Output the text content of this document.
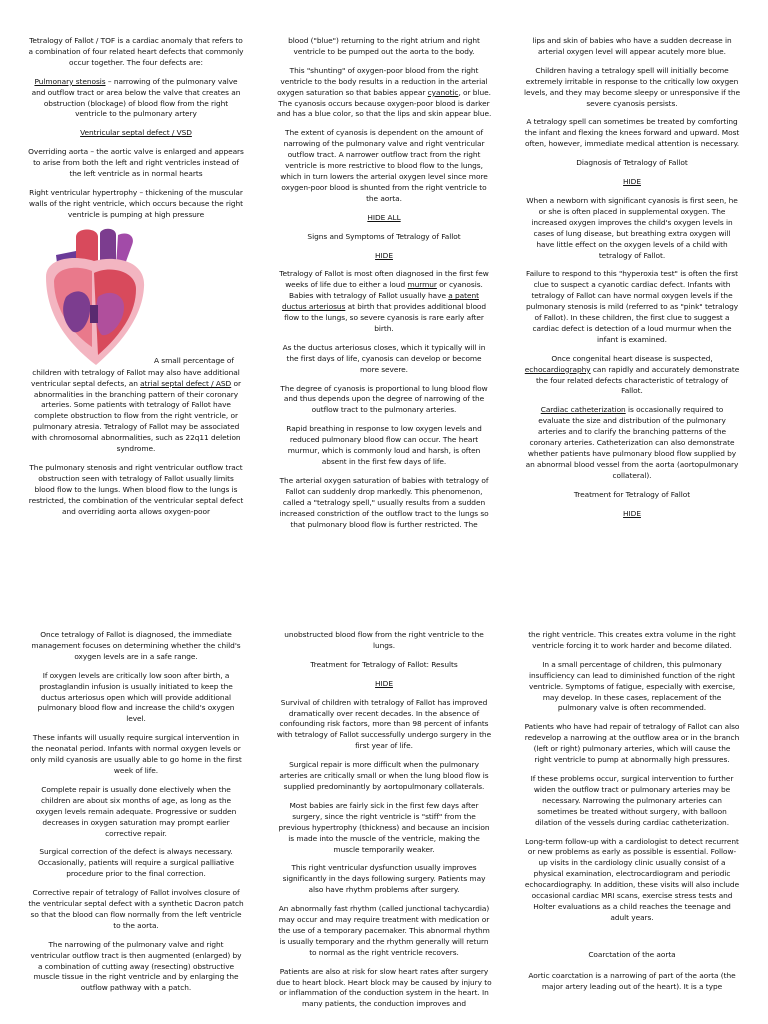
Tetralogy of Fallot / TOF is a cardiac anomaly that refers to a combination of four related heart defects that commonly occur together. The four defects are:

Pulmonary stenosis – narrowing of the pulmonary valve and outflow tract or area below the valve that creates an obstruction (blockage) of blood flow from the right ventricle to the pulmonary artery

Ventricular septal defect / VSD

Overriding aorta – the aortic valve is enlarged and appears to arise from both the left and right ventricles instead of the left ventricle as in normal hearts

Right ventricular hypertrophy – thickening of the muscular walls of the right ventricle, which occurs because the right ventricle is pumping at high pressure

A small percentage of

children with tetralogy of Fallot may also have additional ventricular septal defects, an atrial septal defect / ASD or abnormalities in the branching pattern of their coronary arteries. Some patients with tetralogy of Fallot have complete obstruction to flow from the right ventricle, or pulmonary atresia. Tetralogy of Fallot may be associated with chromosomal abnormalities, such as 22q11 deletion syndrome.

The pulmonary stenosis and right ventricular outflow tract obstruction seen with tetralogy of Fallot usually limits blood flow to the lungs. When blood flow to the lungs is restricted, the combination of the ventricular septal defect and overriding aorta allows oxygen-poor

blood ("blue") returning to the right atrium and right ventricle to be pumped out the aorta to the body.

This "shunting" of oxygen-poor blood from the right ventricle to the body results in a reduction in the arterial oxygen saturation so that babies appear cyanotic, or blue. The cyanosis occurs because oxygen-poor blood is darker and has a blue color, so that the lips and skin appear blue.

The extent of cyanosis is dependent on the amount of narrowing of the pulmonary valve and right ventricular outflow tract. A narrower outflow tract from the right ventricle is more restrictive to blood flow to the lungs, which in turn lowers the arterial oxygen level since more oxygen-poor blood is shunted from the right ventricle to the aorta.

HIDE ALL

Signs and Symptoms of Tetralogy of Fallot

HIDE

Tetralogy of Fallot is most often diagnosed in the first few weeks of life due to either a loud murmur or cyanosis. Babies with tetralogy of Fallot usually have a patent ductus arteriosus at birth that provides additional blood flow to the lungs, so severe cyanosis is rare early after birth.

As the ductus arteriosus closes, which it typically will in the first days of life, cyanosis can develop or become more severe.

The degree of cyanosis is proportional to lung blood flow and thus depends upon the degree of narrowing of the outflow tract to the pulmonary arteries.

Rapid breathing in response to low oxygen levels and reduced pulmonary blood flow can occur. The heart murmur, which is commonly loud and harsh, is often absent in the first few days of life.

The arterial oxygen saturation of babies with tetralogy of Fallot can suddenly drop markedly. This phenomenon, called a "tetralogy spell," usually results from a sudden increased constriction of the outflow tract to the lungs so that pulmonary blood flow is further restricted. The

lips and skin of babies who have a sudden decrease in arterial oxygen level will appear acutely more blue.

Children having a tetralogy spell will initially become extremely irritable in response to the critically low oxygen levels, and they may become sleepy or unresponsive if the severe cyanosis persists.

A tetralogy spell can sometimes be treated by comforting the infant and flexing the knees forward and upward. Most often, however, immediate medical attention is necessary.

Diagnosis of Tetralogy of Fallot

HIDE

When a newborn with significant cyanosis is first seen, he or she is often placed in supplemental oxygen. The increased oxygen improves the child's oxygen levels in cases of lung disease, but breathing extra oxygen will have little effect on the oxygen levels of a child with tetralogy of Fallot.

Failure to respond to this "hyperoxia test" is often the first clue to suspect a cyanotic cardiac defect. Infants with tetralogy of Fallot can have normal oxygen levels if the pulmonary stenosis is mild (referred to as "pink" tetralogy of Fallot). In these children, the first clue to suggest a cardiac defect is detection of a loud murmur when the infant is examined.

Once congenital heart disease is suspected, echocardiography can rapidly and accurately demonstrate the four related defects characteristic of tetralogy of Fallot.

Cardiac catheterization is occasionally required to evaluate the size and distribution of the pulmonary arteries and to clarify the branching patterns of the coronary arteries. Catheterization can also demonstrate whether patients have pulmonary blood flow supplied by an abnormal blood vessel from the aorta (aortopulmonary collateral).

Treatment for Tetralogy of Fallot

HIDE

Once tetralogy of Fallot is diagnosed, the immediate management focuses on determining whether the child's oxygen levels are in a safe range.

If oxygen levels are critically low soon after birth, a prostaglandin infusion is usually initiated to keep the ductus arteriosus open which will provide additional pulmonary blood flow and increase the child's oxygen level.

These infants will usually require surgical intervention in the neonatal period. Infants with normal oxygen levels or only mild cyanosis are usually able to go home in the first week of life.

Complete repair is usually done electively when the children are about six months of age, as long as the oxygen levels remain adequate. Progressive or sudden decreases in oxygen saturation may prompt earlier corrective repair.

Surgical correction of the defect is always necessary. Occasionally, patients will require a surgical palliative procedure prior to the final correction.

Corrective repair of tetralogy of Fallot involves closure of the ventricular septal defect with a synthetic Dacron patch so that the blood can flow normally from the left ventricle to the aorta.

The narrowing of the pulmonary valve and right ventricular outflow tract is then augmented (enlarged) by a combination of cutting away (resecting) obstructive muscle tissue in the right ventricle and by enlarging the outflow pathway with a patch.

unobstructed blood flow from the right ventricle to the lungs.

Treatment for Tetralogy of Fallot: Results

HIDE

Survival of children with tetralogy of Fallot has improved dramatically over recent decades. In the absence of confounding risk factors, more than 98 percent of infants with tetralogy of Fallot successfully undergo surgery in the first year of life.

Surgical repair is more difficult when the pulmonary arteries are critically small or when the lung blood flow is supplied predominantly by aortopulmonary collaterals.

Most babies are fairly sick in the first few days after surgery, since the right ventricle is "stiff" from the previous hypertrophy (thickness) and because an incision is made into the muscle of the ventricle, making the muscle temporarily weaker.

This right ventricular dysfunction usually improves significantly in the days following surgery. Patients may also have rhythm problems after surgery.

An abnormally fast rhythm (called junctional tachycardia) may occur and may require treatment with medication or the use of a temporary pacemaker. This abnormal rhythm is usually temporary and the rhythm generally will return to normal as the right ventricle recovers.

Patients are also at risk for slow heart rates after surgery due to heart block. Heart block may be caused by injury to or inflammation of the conduction system in the heart. In many patients, the conduction improves and

the right ventricle. This creates extra volume in the right ventricle forcing it to work harder and become dilated.

In a small percentage of children, this pulmonary insufficiency can lead to diminished function of the right ventricle. Symptoms of fatigue, especially with exercise, may develop. In these cases, replacement of the pulmonary valve is often recommended.

Patients who have had repair of tetralogy of Fallot can also redevelop a narrowing at the outflow area or in the branch (left or right) pulmonary arteries, which will cause the right ventricle to pump at abnormally high pressures.

If these problems occur, surgical intervention to further widen the outflow tract or pulmonary arteries may be necessary. Narrowing the pulmonary arteries can sometimes be treated without surgery, with balloon dilation of the vessels during cardiac catheterization.

Long-term follow-up with a cardiologist to detect recurrent or new problems as early as possible is essential. Follow-up visits in the cardiology clinic usually consist of a physical examination, electrocardiogram and periodic echocardiography. In addition, these visits will also include occasional cardiac MRI scans, exercise stress tests and Holter evaluations as a child reaches the teenage and adult years.

Coarctation of the aorta

Aortic coarctation is a narrowing of part of the aorta (the major artery leading out of the heart). It is a type
